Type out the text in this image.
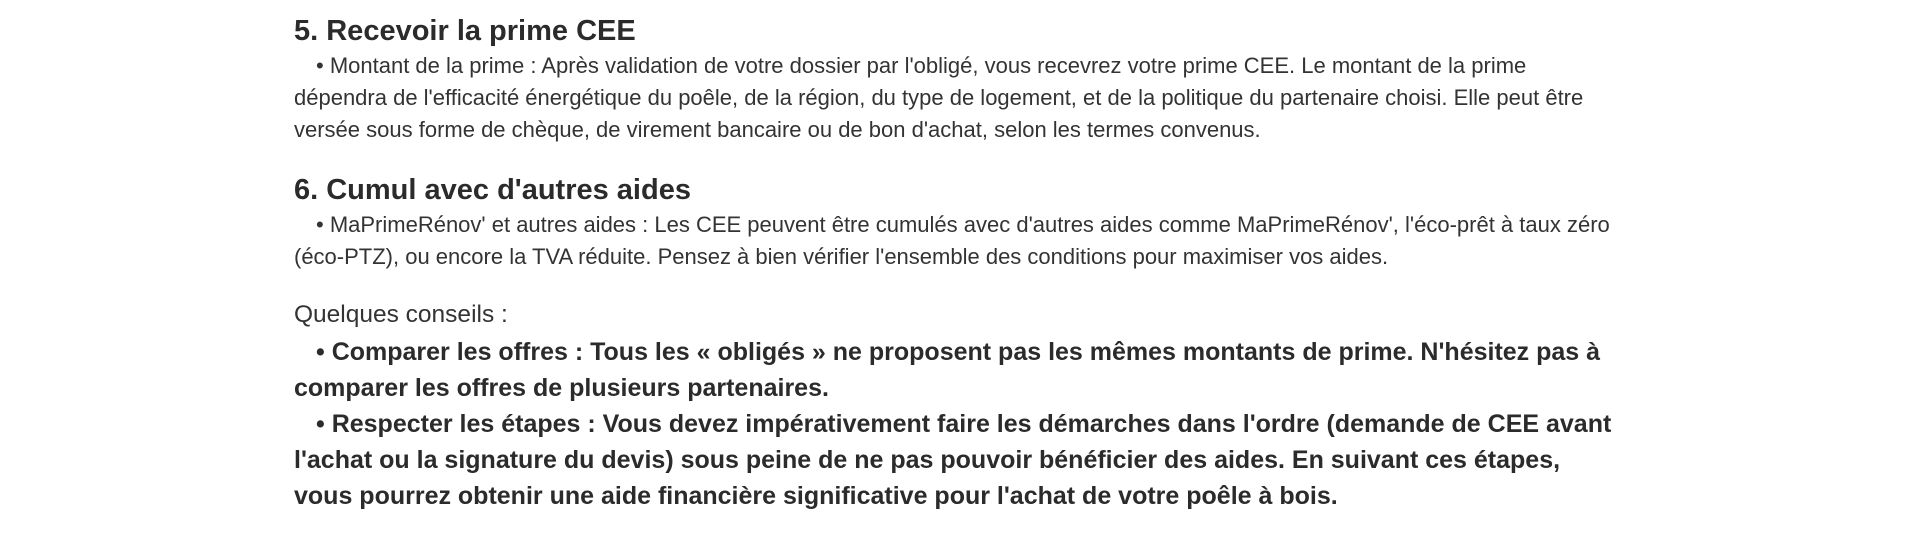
5. Recevoir la prime CEE

• Montant de la prime : Après validation de votre dossier par l'obligé, vous recevrez votre prime CEE. Le montant de la prime dépendra de l'efficacité énergétique du poêle, de la région, du type de logement, et de la politique du partenaire choisi. Elle peut être versée sous forme de chèque, de virement bancaire ou de bon d'achat, selon les termes convenus.

6. Cumul avec d'autres aides

• MaPrimeRénov' et autres aides : Les CEE peuvent être cumulés avec d'autres aides comme MaPrimeRénov', l'éco-prêt à taux zéro (éco-PTZ), ou encore la TVA réduite. Pensez à bien vérifier l'ensemble des conditions pour maximiser vos aides.

Quelques conseils :

• Comparer les offres : Tous les « obligés » ne proposent pas les mêmes montants de prime. N'hésitez pas à comparer les offres de plusieurs partenaires.

• Respecter les étapes : Vous devez impérativement faire les démarches dans l'ordre (demande de CEE avant l'achat ou la signature du devis) sous peine de ne pas pouvoir bénéficier des aides. En suivant ces étapes, vous pourrez obtenir une aide financière significative pour l'achat de votre poêle à bois.
